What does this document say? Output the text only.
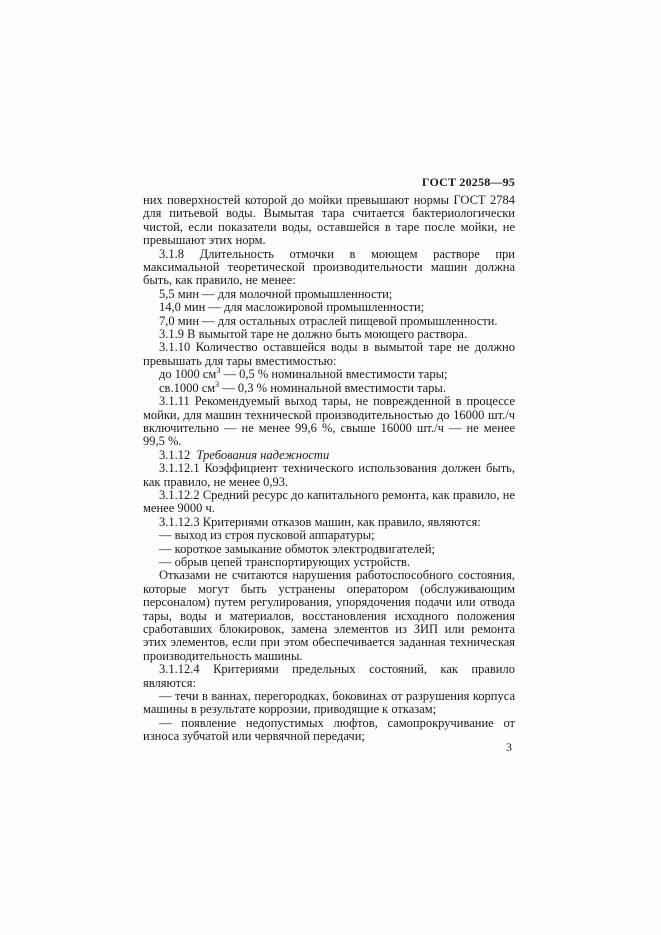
ГОСТ 20258—95

них поверхностей которой до мойки превышают нормы ГОСТ 2784 для питьевой воды. Вымытая тара считается бактериологически чистой, если показатели воды, оставшейся в таре после мойки, не превышают этих норм.

3.1.8 Длительность отмочки в моющем растворе при максимальной теоретической производительности машин должна быть, как правило, не менее:

5,5 мин — для молочной промышленности;

14,0 мин — для масложировой промышленности;

7,0 мин — для остальных отраслей пищевой промышленности.

3.1.9 В вымытой таре не должно быть моющего раствора.

3.1.10 Количество оставшейся воды в вымытой таре не должно превышать для тары вместимостью:

до 1000 $см^3$ — 0,5 % номинальной вместимости тары;

св.1000 $см^3$ — 0,3 % номинальной вместимости тары.

3.1.11 Рекомендуемый выход тары, не поврежденной в процессе мойки, для машин технической производительностью до 16000 шт./ч включительно — не менее 99,6 %, свыше 16000 шт./ч — не менее 99,5 %.

3.1.12 Требования надежности

3.1.12.1 Коэффициент технического использования должен быть, как правило, не менее 0,93.

3.1.12.2 Средний ресурс до капитального ремонта, как правило, не менее 9000 ч.

3.1.12.3 Критериями отказов машин, как правило, являются:

— выход из строя пусковой аппаратуры;

— короткое замыкание обмоток электродвигателей;

— обрыв цепей транспортирующих устройств.

Отказами не считаются нарушения работоспособного состояния, которые могут быть устранены оператором (обслуживающим персоналом) путем регулирования, упорядочения подачи или отвода тары, воды и материалов, восстановления исходного положения сработавших блокировок, замена элементов из ЗИП или ремонта этих элементов, если при этом обеспечивается заданная техническая производительность машины.

3.1.12.4 Критериями предельных состояний, как правило являются:

— течи в ваннах, перегородках, боковинах от разрушения корпуса машины в результате коррозии, приводящие к отказам;

— появление недопустимых люфтов, самопрокручивание от износа зубчатой или червячной передачи;

3
